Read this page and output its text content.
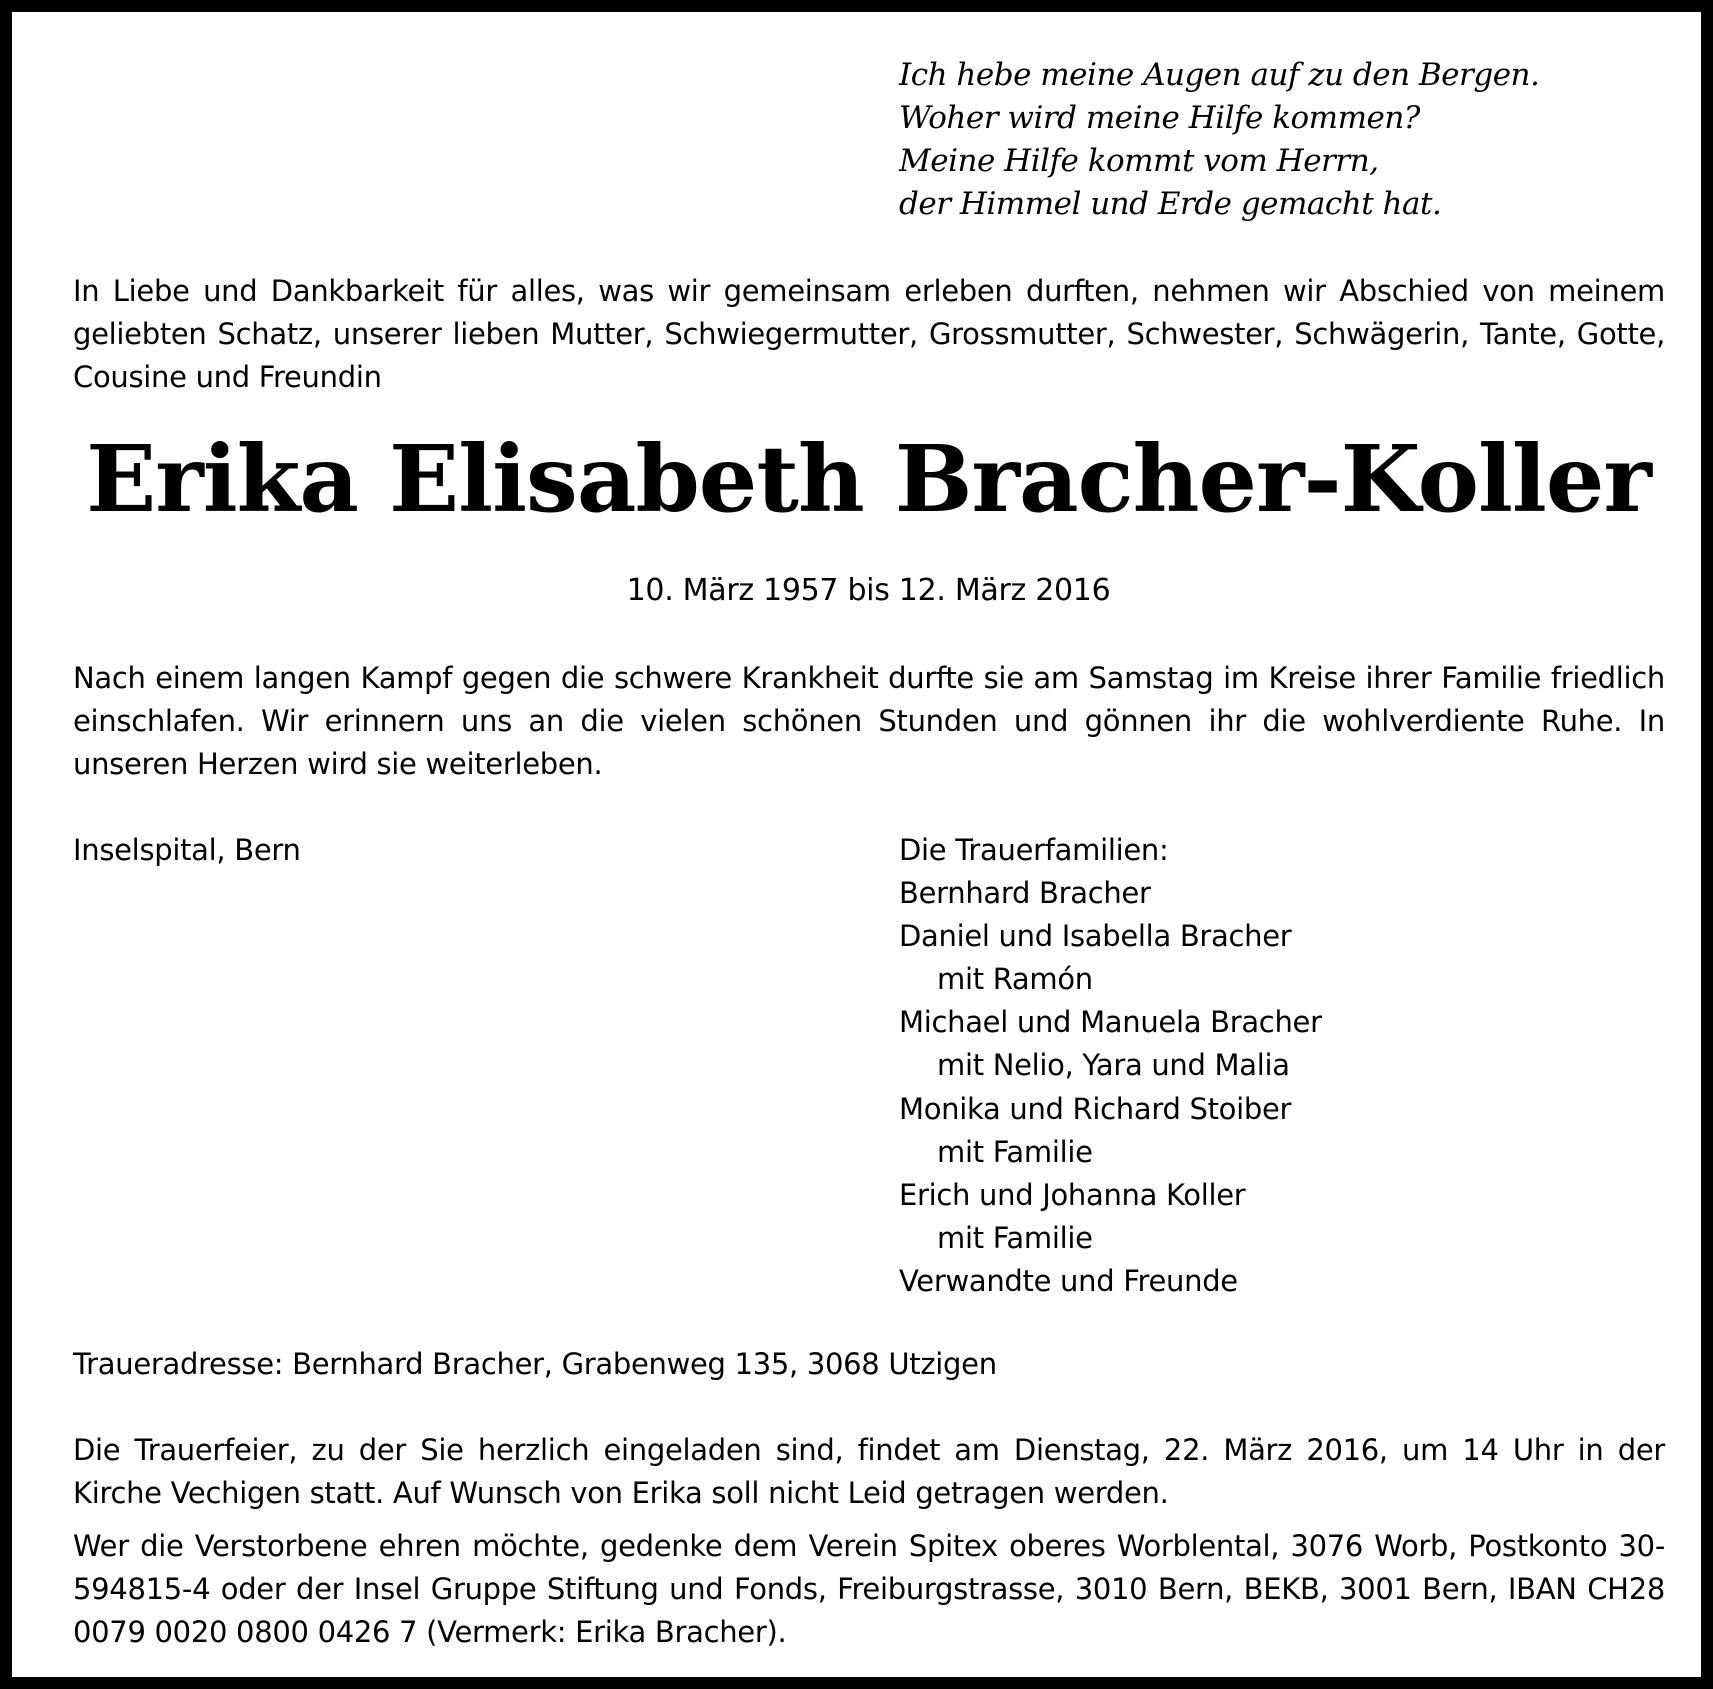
Ich hebe meine Augen auf zu den Bergen.
Woher wird meine Hilfe kommen?
Meine Hilfe kommt vom Herrn,
der Himmel und Erde gemacht hat.

In Liebe und Dankbarkeit für alles, was wir gemeinsam erleben durften, nehmen wir Abschied von meinem geliebten Schatz, unserer lieben Mutter, Schwiegermutter, Grossmutter, Schwester, Schwägerin, Tante, Gotte, Cousine und Freundin

Erika Elisabeth Bracher-Koller

10. März 1957 bis 12. März 2016

Nach einem langen Kampf gegen die schwere Krankheit durfte sie am Samstag im Kreise ihrer Familie friedlich einschlafen. Wir erinnern uns an die vielen schönen Stunden und gönnen ihr die wohlverdiente Ruhe. In unseren Herzen wird sie weiterleben.

Inselspital, Bern	Die Trauerfamilien:
Bernhard Bracher
Daniel und Isabella Bracher
mit Ramón
Michael und Manuela Bracher
mit Nelio, Yara und Malia
Monika und Richard Stoiber
mit Familie
Erich und Johanna Koller
mit Familie
Verwandte und Freunde

Traueradresse: Bernhard Bracher, Grabenweg 135, 3068 Utzigen

Die Trauerfeier, zu der Sie herzlich eingeladen sind, findet am Dienstag, 22. März 2016, um 14 Uhr in der Kirche Vechigen statt. Auf Wunsch von Erika soll nicht Leid getragen werden.

Wer die Verstorbene ehren möchte, gedenke dem Verein Spitex oberes Worblental, 3076 Worb, Postkonto 30-594815-4 oder der Insel Gruppe Stiftung und Fonds, Freiburgstrasse, 3010 Bern, BEKB, 3001 Bern, IBAN CH28 0079 0020 0800 0426 7 (Vermerk: Erika Bracher).
